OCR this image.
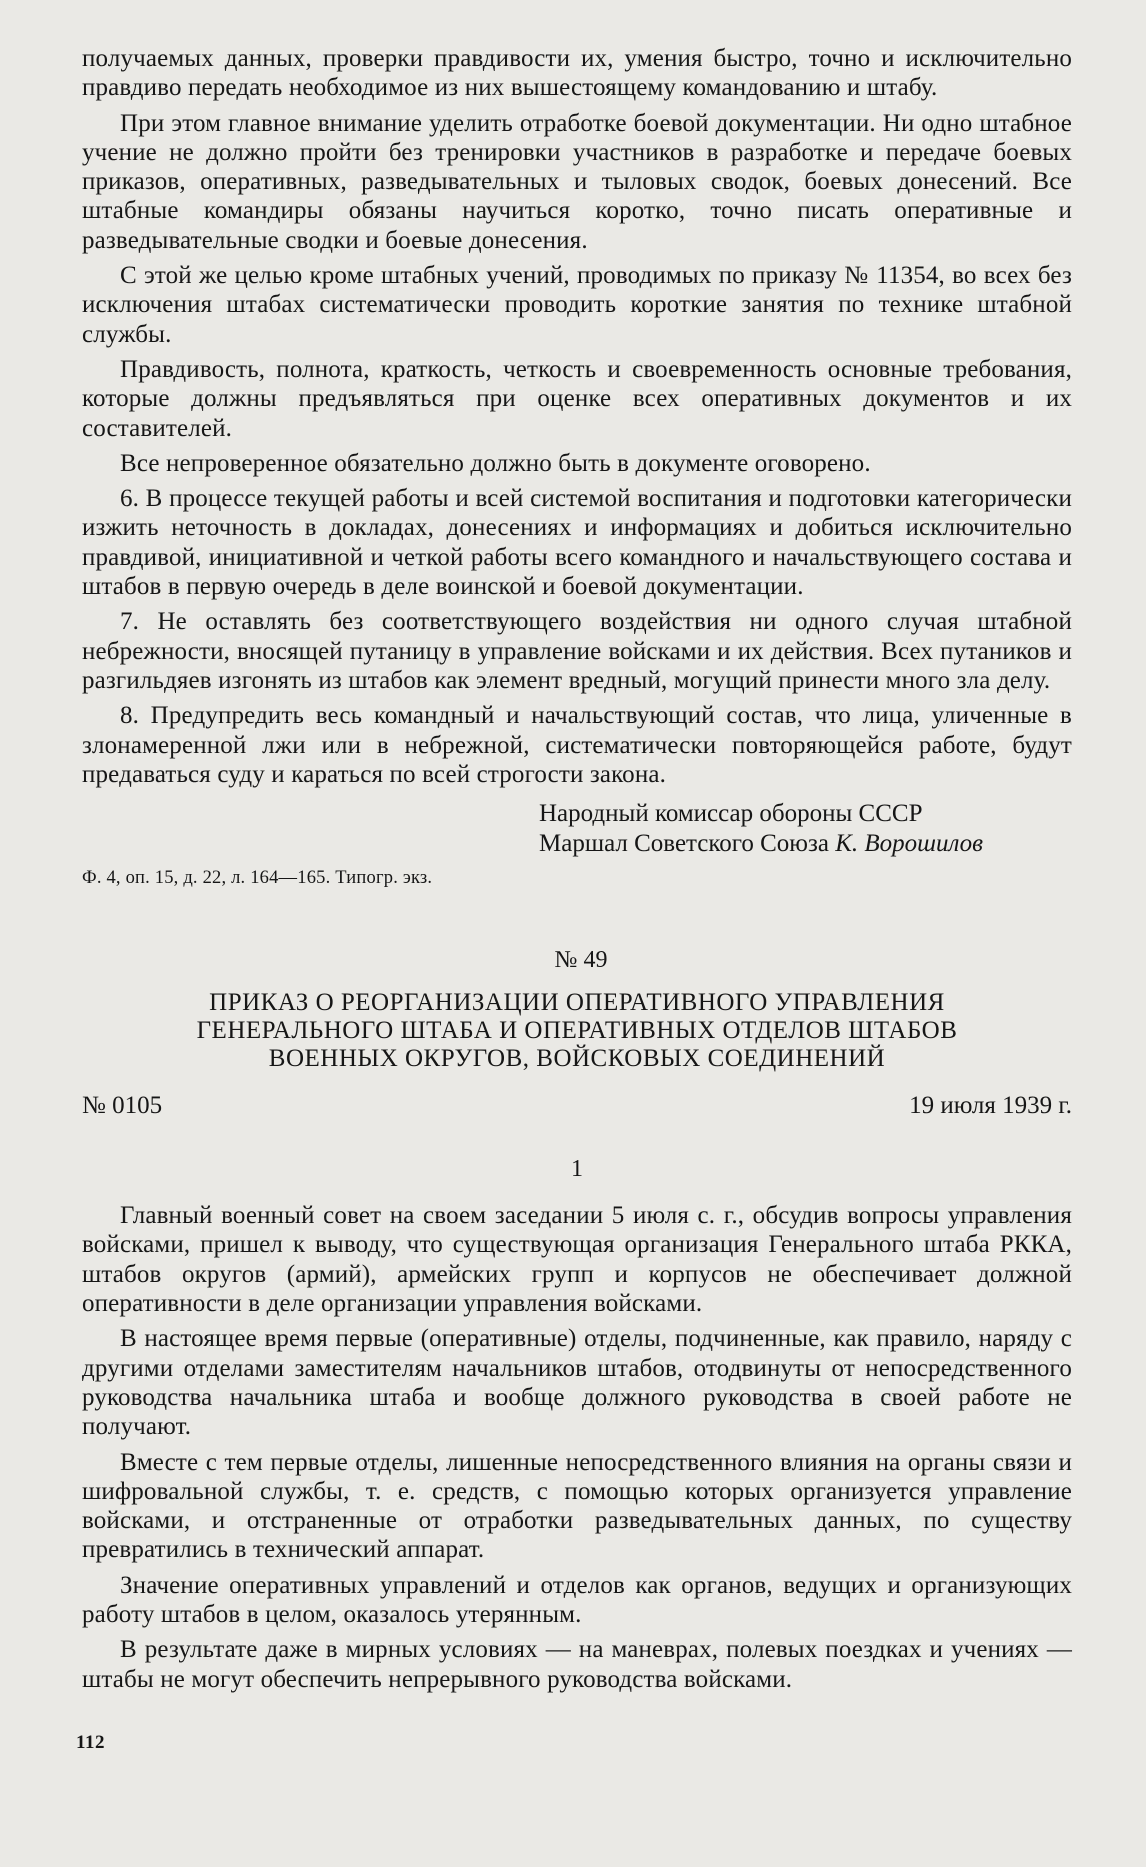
получаемых данных, проверки правдивости их, умения быстро, точно и исключительно правдиво передать необходимое из них вышестоящему командованию и штабу.

При этом главное внимание уделить отработке боевой документации. Ни одно штабное учение не должно пройти без тренировки участников в разработке и передаче боевых приказов, оперативных, разведывательных и тыловых сводок, боевых донесений. Все штабные командиры обязаны научиться коротко, точно писать оперативные и разведывательные сводки и боевые донесения.

С этой же целью кроме штабных учений, проводимых по приказу № 11354, во всех без исключения штабах систематически проводить короткие занятия по технике штабной службы.

Правдивость, полнота, краткость, четкость и своевременность основные требования, которые должны предъявляться при оценке всех оперативных документов и их составителей.

Все непроверенное обязательно должно быть в документе оговорено.

6. В процессе текущей работы и всей системой воспитания и подготовки категорически изжить неточность в докладах, донесениях и информациях и добиться исключительно правдивой, инициативной и четкой работы всего командного и начальствующего состава и штабов в первую очередь в деле воинской и боевой документации.

7. Не оставлять без соответствующего воздействия ни одного случая штабной небрежности, вносящей путаницу в управление войсками и их действия. Всех путаников и разгильдяев изгонять из штабов как элемент вредный, могущий принести много зла делу.

8. Предупредить весь командный и начальствующий состав, что лица, уличенные в злонамеренной лжи или в небрежной, систематически повторяющейся работе, будут предаваться суду и караться по всей строгости закона.

Народный комиссар обороны СССР
Маршал Советского Союза К. Ворошилов
Ф. 4, оп. 15, д. 22, л. 164—165. Типогр. экз.
№ 49
ПРИКАЗ О РЕОРГАНИЗАЦИИ ОПЕРАТИВНОГО УПРАВЛЕНИЯ
ГЕНЕРАЛЬНОГО ШТАБА И ОПЕРАТИВНЫХ ОТДЕЛОВ ШТАБОВ
ВОЕННЫХ ОКРУГОВ, ВОЙСКОВЫХ СОЕДИНЕНИЙ
№ 0105	19 июля 1939 г.
1

Главный военный совет на своем заседании 5 июля с. г., обсудив вопросы управления войсками, пришел к выводу, что существующая организация Генерального штаба РККА, штабов округов (армий), армейских групп и корпусов не обеспечивает должной оперативности в деле организации управления войсками.

В настоящее время первые (оперативные) отделы, подчиненные, как правило, наряду с другими отделами заместителям начальников штабов, отодвинуты от непосредственного руководства начальника штаба и вообще должного руководства в своей работе не получают.

Вместе с тем первые отделы, лишенные непосредственного влияния на органы связи и шифровальной службы, т. е. средств, с помощью которых организуется управление войсками, и отстраненные от отработки разведывательных данных, по существу превратились в технический аппарат.

Значение оперативных управлений и отделов как органов, ведущих и организующих работу штабов в целом, оказалось утерянным.

В результате даже в мирных условиях — на маневрах, полевых поездках и учениях — штабы не могут обеспечить непрерывного руководства войсками.

112
